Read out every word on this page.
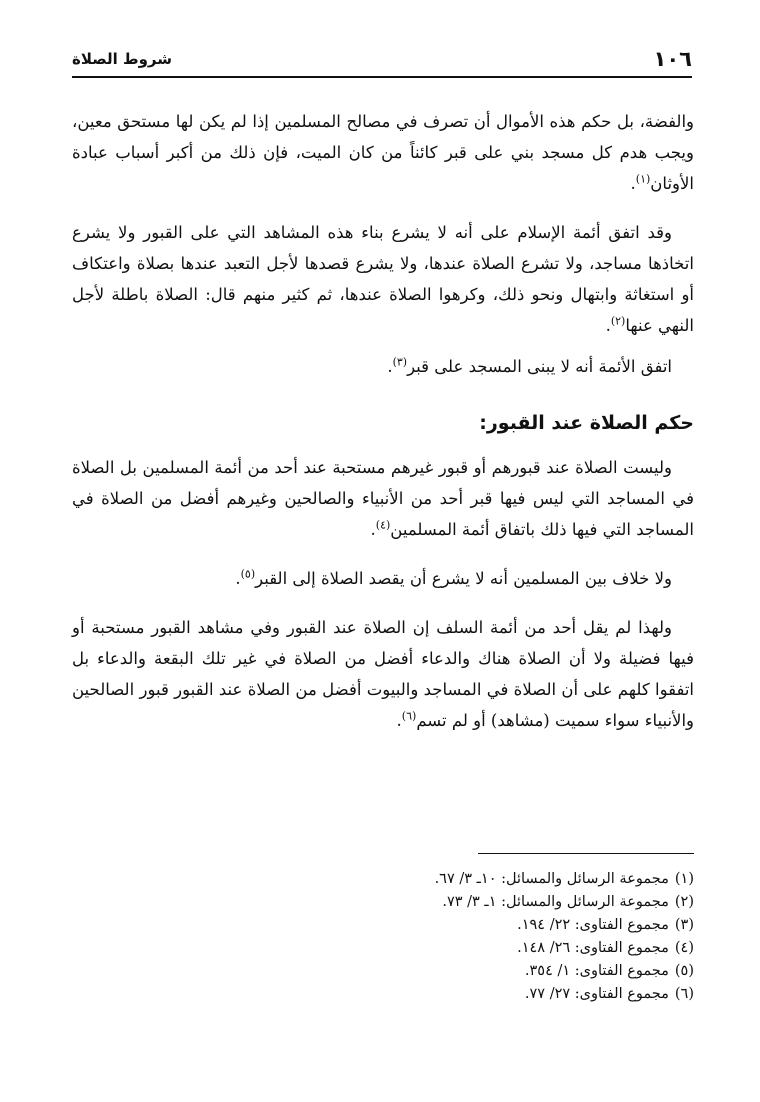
١٠٦
شروط الصلاة

والفضة، بل حكم هذه الأموال أن تصرف في مصالح المسلمين إذا لم يكن لها مستحق معين، ويجب هدم كل مسجد بني على قبر كائناً من كان الميت، فإن ذلك من أكبر أسباب عبادة الأوثان$^{(١)}$.

وقد اتفق أئمة الإسلام على أنه لا يشرع بناء هذه المشاهد التي على القبور ولا يشرع اتخاذها مساجد، ولا تشرع الصلاة عندها، ولا يشرع قصدها لأجل التعبد عندها بصلاة واعتكاف أو استغاثة وابتهال ونحو ذلك، وكرهوا الصلاة عندها، ثم كثير منهم قال: الصلاة باطلة لأجل النهي عنها$^{(٢)}$.

اتفق الأئمة أنه لا يبنى المسجد على قبر$^{(٣)}$.

حكم الصلاة عند القبور:

وليست الصلاة عند قبورهم أو قبور غيرهم مستحبة عند أحد من أئمة المسلمين بل الصلاة في المساجد التي ليس فيها قبر أحد من الأنبياء والصالحين وغيرهم أفضل من الصلاة في المساجد التي فيها ذلك باتفاق أئمة المسلمين$^{(٤)}$.

ولا خلاف بين المسلمين أنه لا يشرع أن يقصد الصلاة إلى القبر$^{(٥)}$.

ولهذا لم يقل أحد من أئمة السلف إن الصلاة عند القبور وفي مشاهد القبور مستحبة أو فيها فضيلة ولا أن الصلاة هناك والدعاء أفضل من الصلاة في غير تلك البقعة والدعاء بل اتفقوا كلهم على أن الصلاة في المساجد والبيوت أفضل من الصلاة عند القبور قبور الصالحين والأنبياء سواء سميت (مشاهد) أو لم تسم$^{(٦)}$.

(١)مجموعة الرسائل والمسائل: ١٠ـ ٣/ ٦٧.
(٢)مجموعة الرسائل والمسائل: ١ـ ٣/ ٧٣.
(٣)مجموع الفتاوى: ٢٢/ ١٩٤.
(٤)مجموع الفتاوى: ٢٦/ ١٤٨.
(٥)مجموع الفتاوى: ١/ ٣٥٤.
(٦)مجموع الفتاوى: ٢٧/ ٧٧.
